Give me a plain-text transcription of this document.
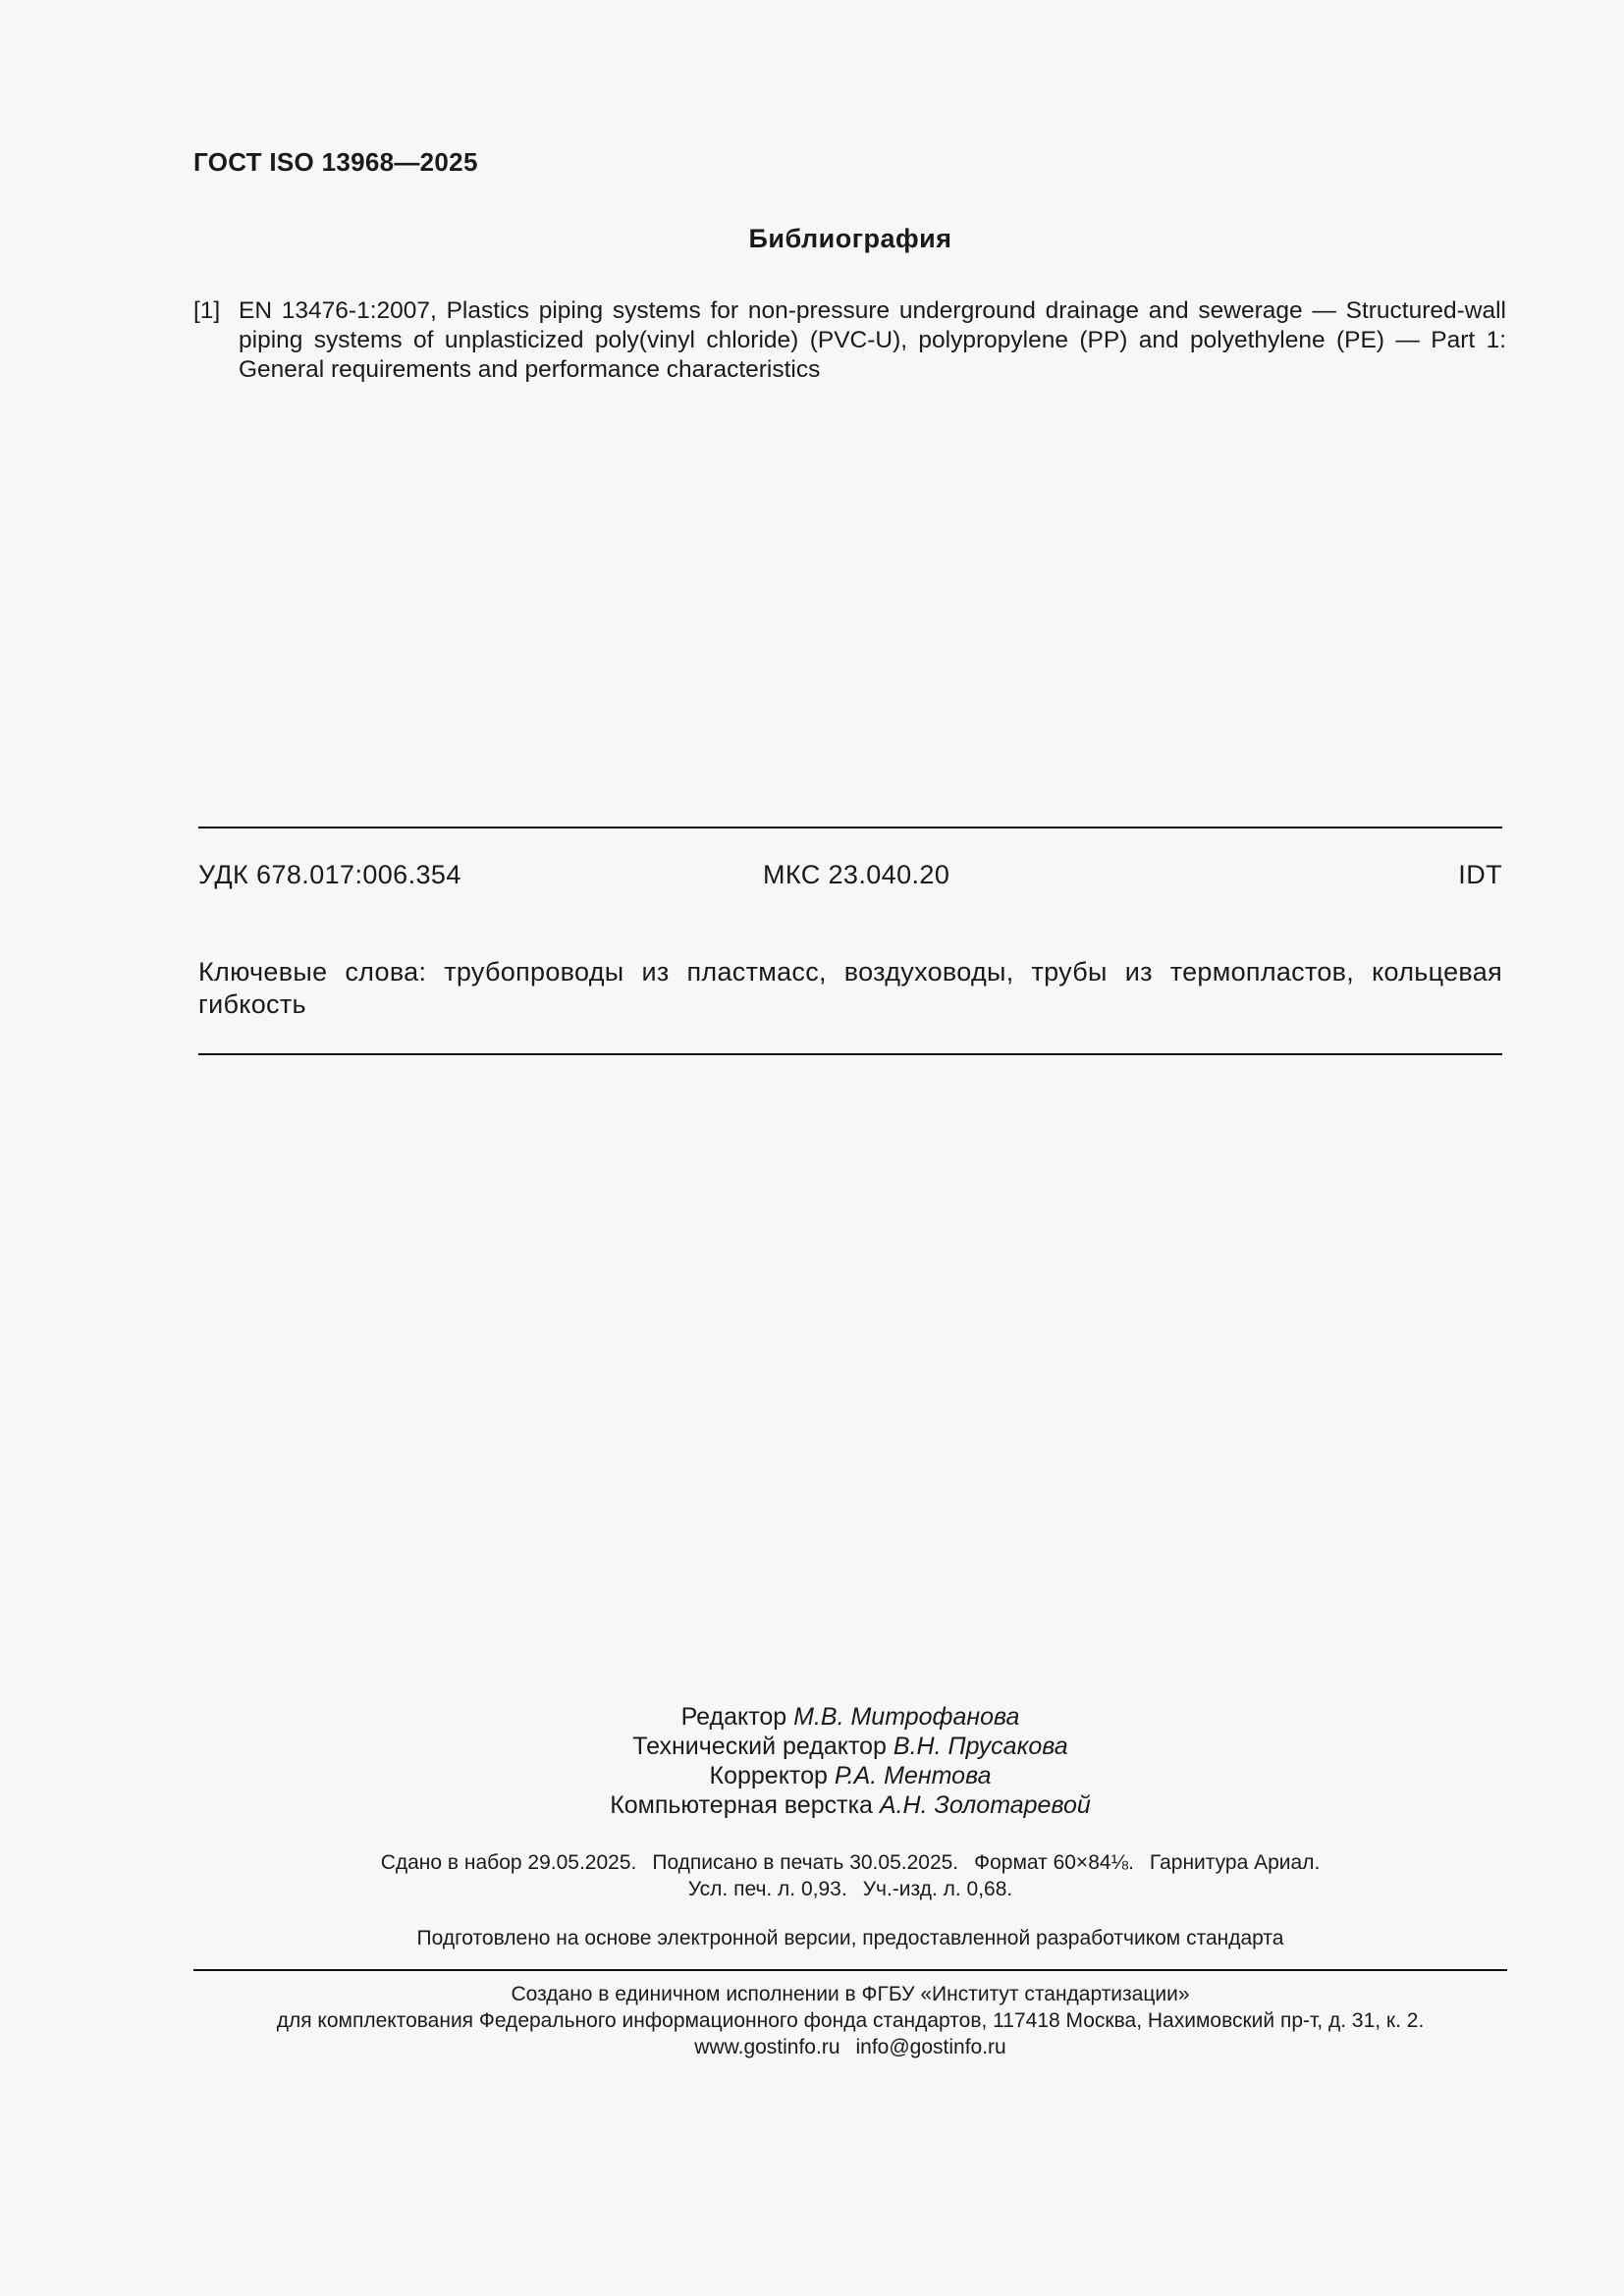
ГОСТ ISO 13968—2025
Библиография
[1] EN 13476-1:2007, Plastics piping systems for non-pressure underground drainage and sewerage — Structured-wall piping systems of unplasticized poly(vinyl chloride) (PVC-U), polypropylene (PP) and polyethylene (PE) — Part 1: General requirements and performance characteristics
УДК 678.017:006.354	МКС 23.040.20	IDT
Ключевые слова: трубопроводы из пластмасс, воздуховоды, трубы из термопластов, кольцевая гибкость
Редактор М.В. Митрофанова
Технический редактор В.Н. Прусакова
Корректор Р.А. Ментова
Компьютерная верстка А.Н. Золотаревой
Сдано в набор 29.05.2025. Подписано в печать 30.05.2025. Формат 60×84⅛. Гарнитура Ариал.
Усл. печ. л. 0,93. Уч.-изд. л. 0,68.
Подготовлено на основе электронной версии, предоставленной разработчиком стандарта
Создано в единичном исполнении в ФГБУ «Институт стандартизации»
для комплектования Федерального информационного фонда стандартов, 117418 Москва, Нахимовский пр-т, д. 31, к. 2.
www.gostinfo.ru info@gostinfo.ru
